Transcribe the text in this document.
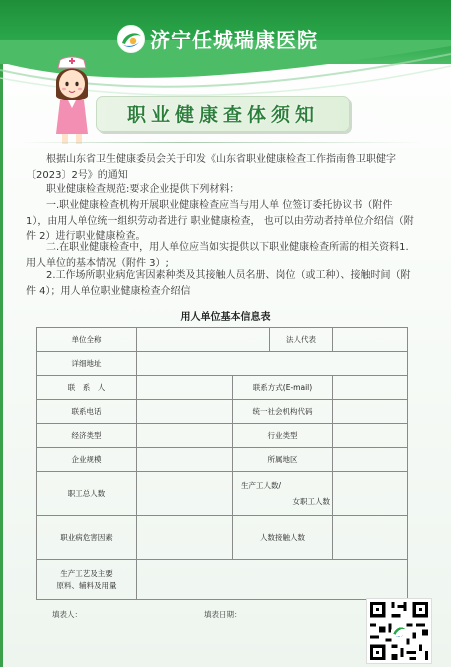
济宁任城瑞康医院
职业健康查体须知

根据山东省卫生健康委员会关于印发《山东省职业健康检查工作指南鲁卫职健字〔2023〕2号》的通知

职业健康检查规范:要求企业提供下列材料：

一.职业健康检查机构开展职业健康检查应当与用人单 位签订委托协议书（附件 1），由用人单位统一组织劳动者进行 职业健康检查， 也可以由劳动者持单位介绍信（附件 2）进行职业健康检查。

二.在职业健康检查中，用人单位应当如实提供以下职业健康检查所需的相关资料1.用人单位的基本情况（附件 3）;

2.工作场所职业病危害因素种类及其接触人员名册、岗位（或工种）、接触时间（附件 4）；用人单位职业健康检查介绍信

用人单位基本信息表
单位全称			法人代表	
详细地址				
联　系　人		联系方式(E-mail)		
联系电话		统一社会机构代码		
经济类型		行业类型		
企业规模		所属地区		
职工总人数		生产工人数/
女职工人数		

职业病危害因素		人数接触人数		

生产工艺及主要
原料、辅料及用量				

填表人：	填表日期：
